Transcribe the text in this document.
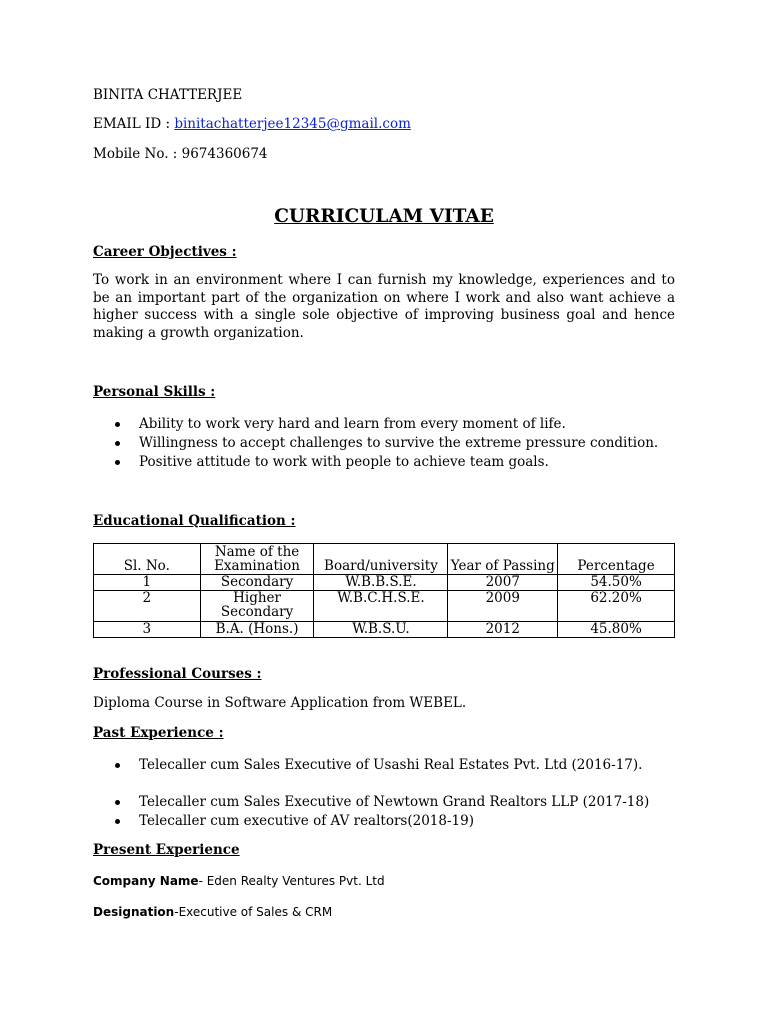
BINITA CHATTERJEE
EMAIL ID : binitachatterjee12345@gmail.com
Mobile No. : 9674360674
CURRICULAM VITAE
Career Objectives :
To work in an environment where I can furnish my knowledge, experiences and to be an important part of the organization on where I work and also want achieve a higher success with a single sole objective of improving business goal and hence making a growth organization.
Personal Skills :
Ability to work very hard and learn from every moment of life.
Willingness to accept challenges to survive the extreme pressure condition.
Positive attitude to work with people to achieve team goals.
Educational Qualification :
Sl. No.	Name of the Examination	Board/university	Year of Passing	Percentage
1	Secondary	W.B.B.S.E.	2007	54.50%
2	Higher Secondary	W.B.C.H.S.E.	2009	62.20%
3	B.A. (Hons.)	W.B.S.U.	2012	45.80%
Professional Courses :
Diploma Course in Software Application from WEBEL.
Past Experience :
Telecaller cum Sales Executive of Usashi Real Estates Pvt. Ltd (2016-17).
Telecaller cum Sales Executive of Newtown Grand Realtors LLP (2017-18)
Telecaller cum executive of AV realtors(2018-19)
Present Experience
Company Name- Eden Realty Ventures Pvt. Ltd
Designation-Executive of Sales & CRM
